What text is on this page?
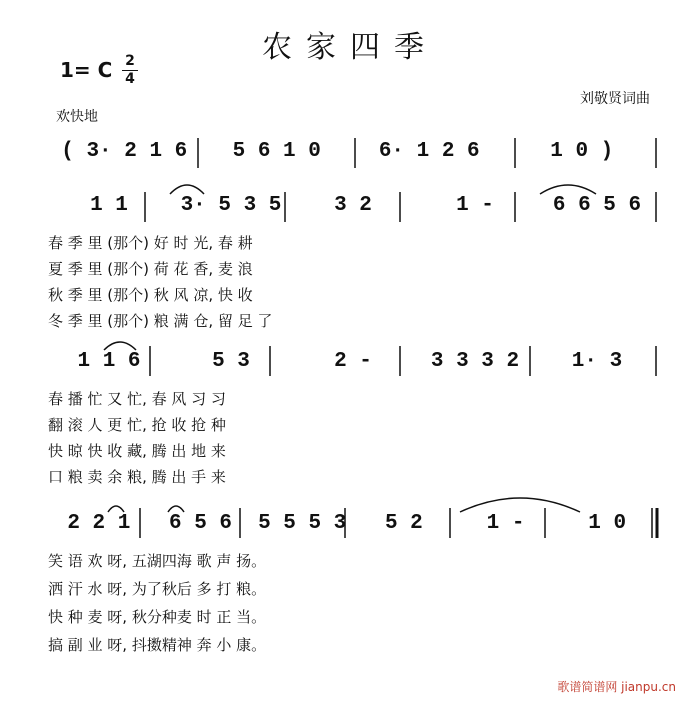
农家四季
1= C 2
4
刘敬贤词曲
欢快地
( 3· 2 1 6	5 6 1 0	6· 1 2 6	1 0 )
1 1	3· 5 3 5	3 2	1 -	6 6 5 6
春 季 里 (那个) 好 时 光, 春 耕
夏 季 里 (那个) 荷 花 香, 麦 浪
秋 季 里 (那个) 秋 风 凉, 快 收
冬 季 里 (那个) 粮 满 仓, 留 足 了
1 1 6	5 3	2 -	3 3 3 2	1· 3
春 播 忙 又 忙, 春 风 习 习
翻 滚 人 更 忙, 抢 收 抢 种
快 晾 快 收 藏, 腾 出 地 来
口 粮 卖 余 粮, 腾 出 手 来
2 2 1	6 5 6	5 5 5 3	5 2	1 -	1 0
笑 语 欢 呀, 五湖四海 歌 声 扬。
洒 汗 水 呀, 为了秋后 多 打 粮。
快 种 麦 呀, 秋分种麦 时 正 当。
搞 副 业 呀, 抖擞精神 奔 小 康。
歌谱简谱网 jianpu.cn
